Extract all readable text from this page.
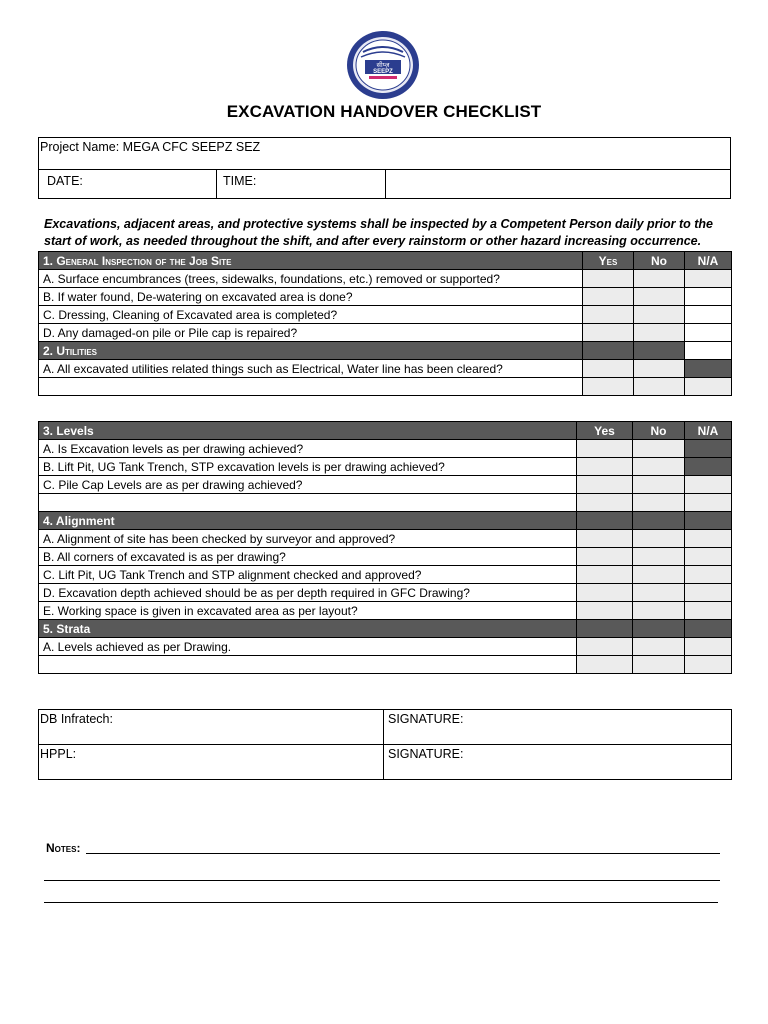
सीप्ज़
SEEPZ
EXCAVATION HANDOVER CHECKLIST
Project Name: MEGA CFC SEEPZ SEZ
DATE:	TIME:	
Excavations, adjacent areas, and protective systems shall be inspected by a Competent Person daily prior to the start of work, as needed throughout the shift, and after every rainstorm or other hazard increasing occurrence.
1. General Inspection of the Job Site	Yes	No	N/A
A. Surface encumbrances (trees, sidewalks, foundations, etc.) removed or supported?			
B. If water found, De-watering on excavated area is done?			
C. Dressing, Cleaning of Excavated area is completed?			
D. Any damaged-on pile or Pile cap is repaired?			
2. Utilities			
A. All excavated utilities related things such as Electrical, Water line has been cleared?			

3. Levels	Yes	No	N/A
A. Is Excavation levels as per drawing achieved?			
B. Lift Pit, UG Tank Trench, STP excavation levels is per drawing achieved?			
C. Pile Cap Levels are as per drawing achieved?			

4. Alignment			
A. Alignment of site has been checked by surveyor and approved?			
B. All corners of excavated is as per drawing?			
C. Lift Pit, UG Tank Trench and STP alignment checked and approved?			
D. Excavation depth achieved should be as per depth required in GFC Drawing?			
E. Working space is given in excavated area as per layout?			
5. Strata			
A. Levels achieved as per Drawing.			

DB Infratech:	SIGNATURE:
HPPL:	SIGNATURE:
Notes:
